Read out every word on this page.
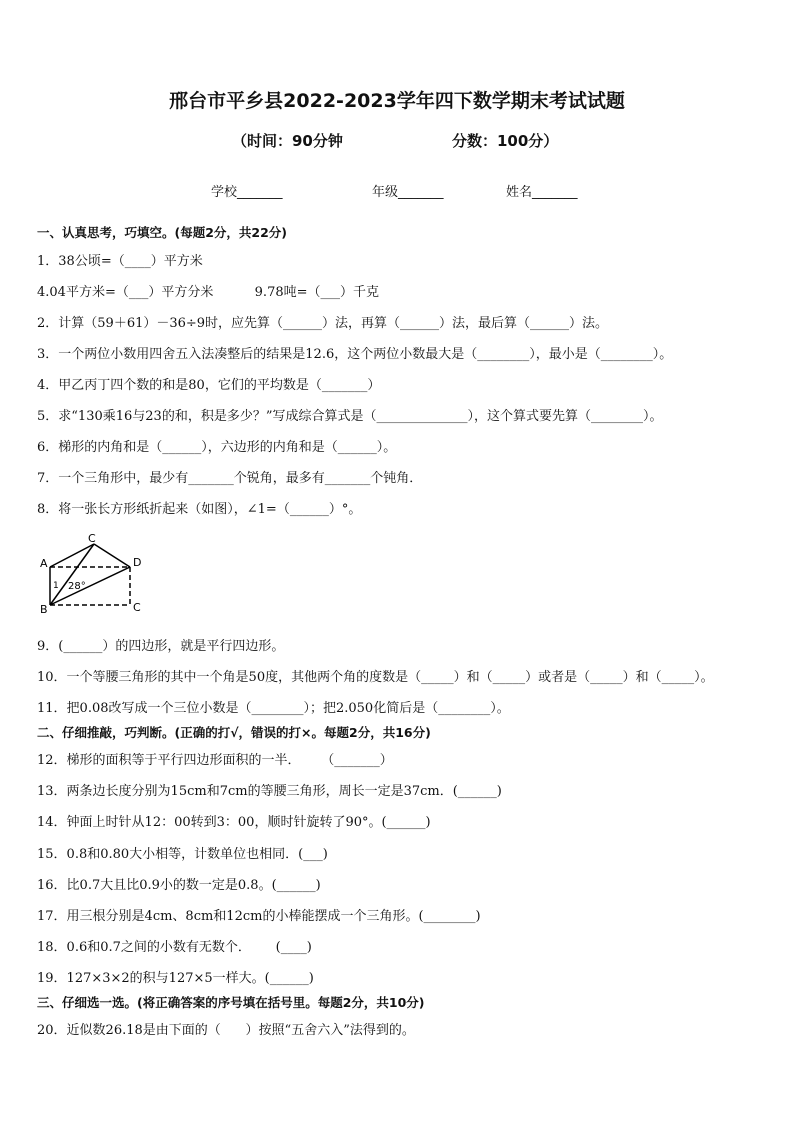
邢台市平乡县2022-2023学年四下数学期末考试试题
（时间：90分钟	分数：100分）
学校_______	年级_______	姓名_______
一、认真思考，巧填空。(每题2分，共22分)
1．38公顷=（____）平方米
4.04平方米=（___）平方分米          9.78吨=（___）千克
2．计算（59＋61）－36÷9时，应先算（______）法，再算（______）法，最后算（______）法。
3．一个两位小数用四舍五入法凑整后的结果是12.6，这个两位小数最大是（________），最小是（________）。
4．甲乙丙丁四个数的和是80，它们的平均数是（_______）
5．求“130乘16与23的和，积是多少？”写成综合算式是（______________），这个算式要先算（________）。
6．梯形的内角和是（______），六边形的内角和是（______）。
7．一个三角形中，最少有_______个锐角，最多有_______个钝角．
8．将一张长方形纸折起来（如图），∠1=（______）°。
A
C
D
1 28°
B	C
9．(______）的四边形，就是平行四边形。
10．一个等腰三角形的其中一个角是50度，其他两个角的度数是（_____）和（_____）或者是（_____）和（_____）。
11．把0.08改写成一个三位小数是（________）；把2.050化简后是（________）。
二、仔细推敲，巧判断。(正确的打√，错误的打×。每题2分，共16分)
12．梯形的面积等于平行四边形面积的一半．     （_______）
13．两条边长度分别为15cm和7cm的等腰三角形，周长一定是37cm．(______)
14．钟面上时针从12：00转到3：00，顺时针旋转了90°。(______)
15．0.8和0.80大小相等，计数单位也相同．(___)
16．比0.7大且比0.9小的数一定是0.8。(______)
17．用三根分别是4cm、8cm和12cm的小棒能摆成一个三角形。(________)
18．0.6和0.7之间的小数有无数个．      (____)
19．127×3×2的积与127×5一样大。(______)
三、仔细选一选。(将正确答案的序号填在括号里。每题2分，共10分)
20．近似数26.18是由下面的（      ）按照“五舍六入”法得到的。
